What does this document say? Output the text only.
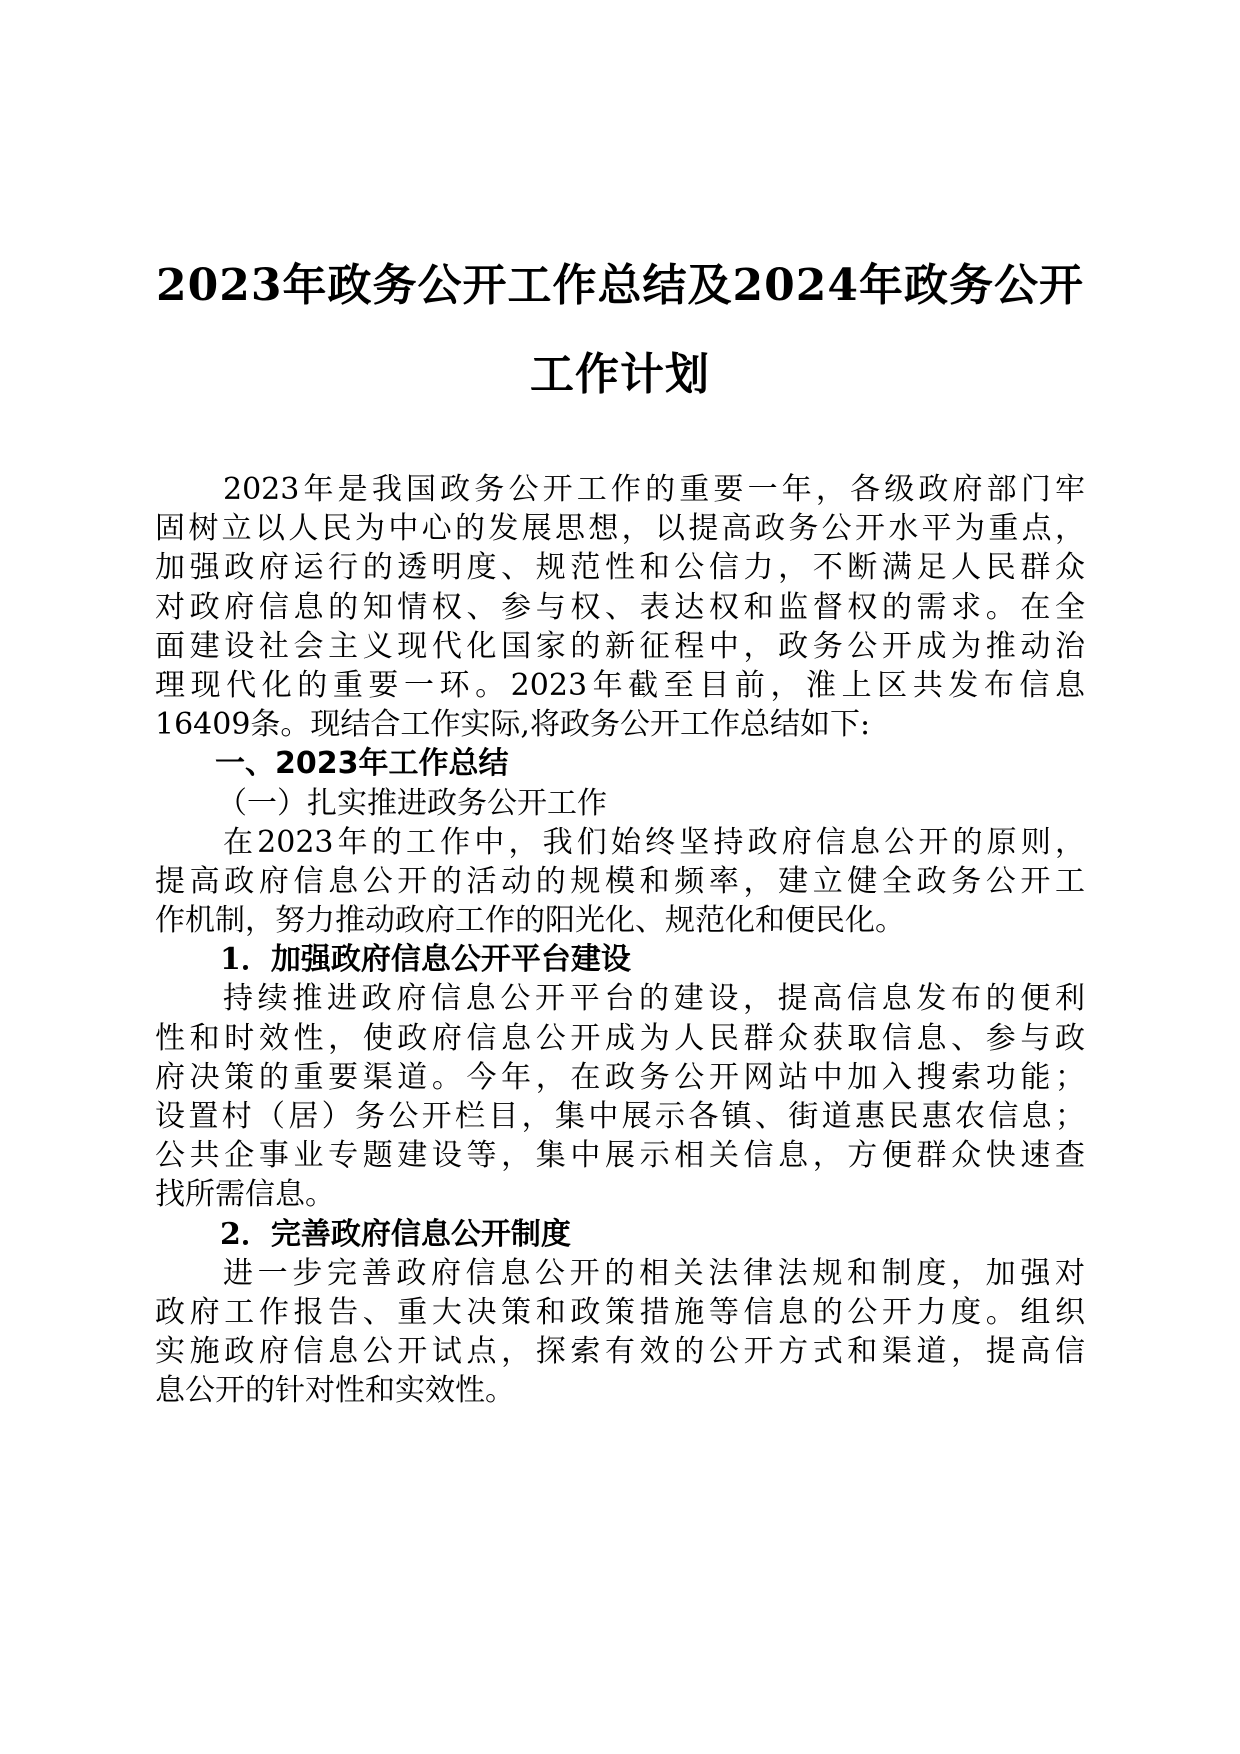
2023年政务公开工作总结及2024年政务公开
工作计划
2023年是我国政务公开工作的重要一年，各级政府部门牢
固树立以人民为中心的发展思想，以提高政务公开水平为重点，
加强政府运行的透明度、规范性和公信力，不断满足人民群众
对政府信息的知情权、参与权、表达权和监督权的需求。在全
面建设社会主义现代化国家的新征程中，政务公开成为推动治
理现代化的重要一环。2023年截至目前，淮上区共发布信息
16409条。现结合工作实际,将政务公开工作总结如下:
一、2023年工作总结
（一）扎实推进政务公开工作
在2023年的工作中，我们始终坚持政府信息公开的原则，
提高政府信息公开的活动的规模和频率，建立健全政务公开工
作机制，努力推动政府工作的阳光化、规范化和便民化。
1．加强政府信息公开平台建设
持续推进政府信息公开平台的建设，提高信息发布的便利
性和时效性，使政府信息公开成为人民群众获取信息、参与政
府决策的重要渠道。今年，在政务公开网站中加入搜索功能；
设置村（居）务公开栏目，集中展示各镇、街道惠民惠农信息；
公共企事业专题建设等，集中展示相关信息，方便群众快速查
找所需信息。
2．完善政府信息公开制度
进一步完善政府信息公开的相关法律法规和制度，加强对
政府工作报告、重大决策和政策措施等信息的公开力度。组织
实施政府信息公开试点，探索有效的公开方式和渠道，提高信
息公开的针对性和实效性。
